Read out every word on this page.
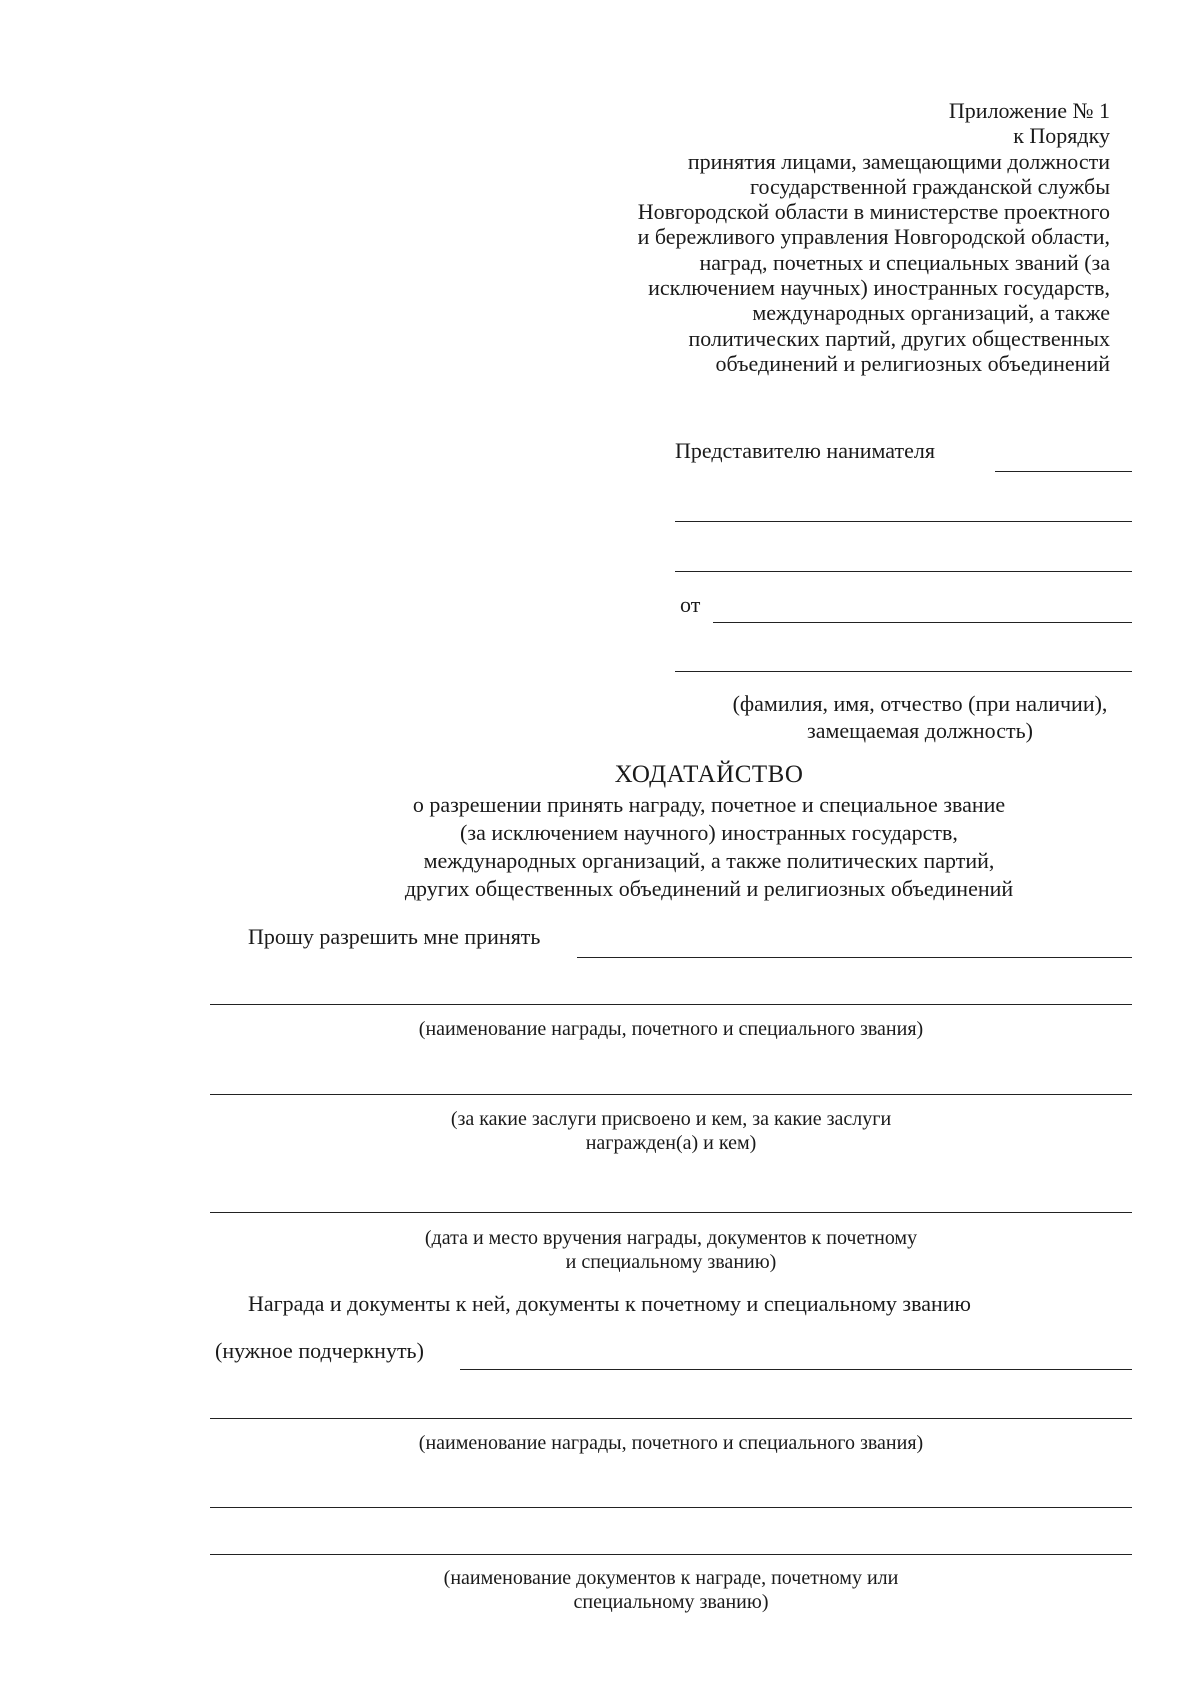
Приложение № 1
к Порядку
принятия лицами, замещающими должности
государственной гражданской службы
Новгородской области в министерстве проектного
и бережливого управления Новгородской области,
наград, почетных и специальных званий (за
исключением научных) иностранных государств,
международных организаций, а также
политических партий, других общественных
объединений и религиозных объединений
Представителю нанимателя
от
(фамилия, имя, отчество (при наличии),
замещаемая должность)
ХОДАТАЙСТВО
о разрешении принять награду, почетное и специальное звание
(за исключением научного) иностранных государств,
международных организаций, а также политических партий,
других общественных объединений и религиозных объединений
Прошу разрешить мне принять
(наименование награды, почетного и специального звания)
(за какие заслуги присвоено и кем, за какие заслуги
награжден(а) и кем)
(дата и место вручения награды, документов к почетному
и специальному званию)
Награда и документы к ней, документы к почетному и специальному званию
(нужное подчеркнуть)
(наименование награды, почетного и специального звания)
(наименование документов к награде, почетному или
специальному званию)
